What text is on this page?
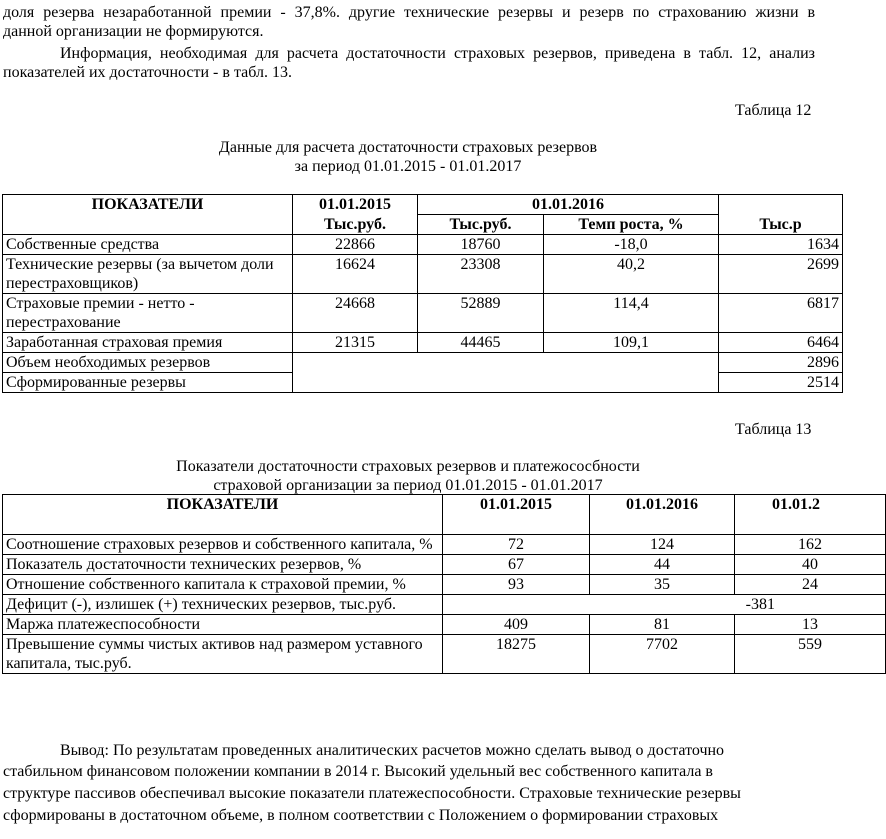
доля резерва незаработанной премии - 37,8%. другие технические резервы и резерв по страхованию жизни в

данной организации не формируются.

Информация, необходимая для расчета достаточности страховых резервов, приведена в табл. 12, анализ

показателей их достаточности - в табл. 13.

Таблица 12

Данные для расчета достаточности страховых резервов

за период 01.01.2015 - 01.01.2017

ПОКАЗАТЕЛИ	01.01.2015	01.01.2016		
	Тыс.руб.	Тыс.руб.	Темп роста, %	Тыс.р
Собственные средства	22866	18760	-18,0	1634
Технические резервы (за вычетом доли перестраховщиков)	16624	23308	40,2	2699
Страховые премии - нетто - перестрахование	24668	52889	114,4	6817
Заработанная страховая премия	21315	44465	109,1	6464
Объем необходимых резервов				2896
Сформированные резервы				2514

Таблица 13

Показатели достаточности страховых резервов и платежососбности

страховой организации за период 01.01.2015 - 01.01.2017

ПОКАЗАТЕЛИ	01.01.2015	01.01.2016	01.01.2
Соотношение страховых резервов и собственного капитала, %	72	124	162
Показатель достаточности технических резервов, %	67	44	40
Отношение собственного капитала к страховой премии, %	93	35	24
Дефицит (-), излишек (+) технических резервов, тыс.руб.	-381		
Маржа платежеспособности	409	81	13
Превышение суммы чистых активов над размером уставного капитала, тыс.руб.	18275	7702	559

Вывод: По результатам проведенных аналитических расчетов можно сделать вывод о достаточно

стабильном финансовом положении компании в 2014 г. Высокий удельный вес собственного капитала в

структуре пассивов обеспечивал высокие показатели платежеспособности. Страховые технические резервы

сформированы в достаточном объеме, в полном соответствии с Положением о формировании страховых
